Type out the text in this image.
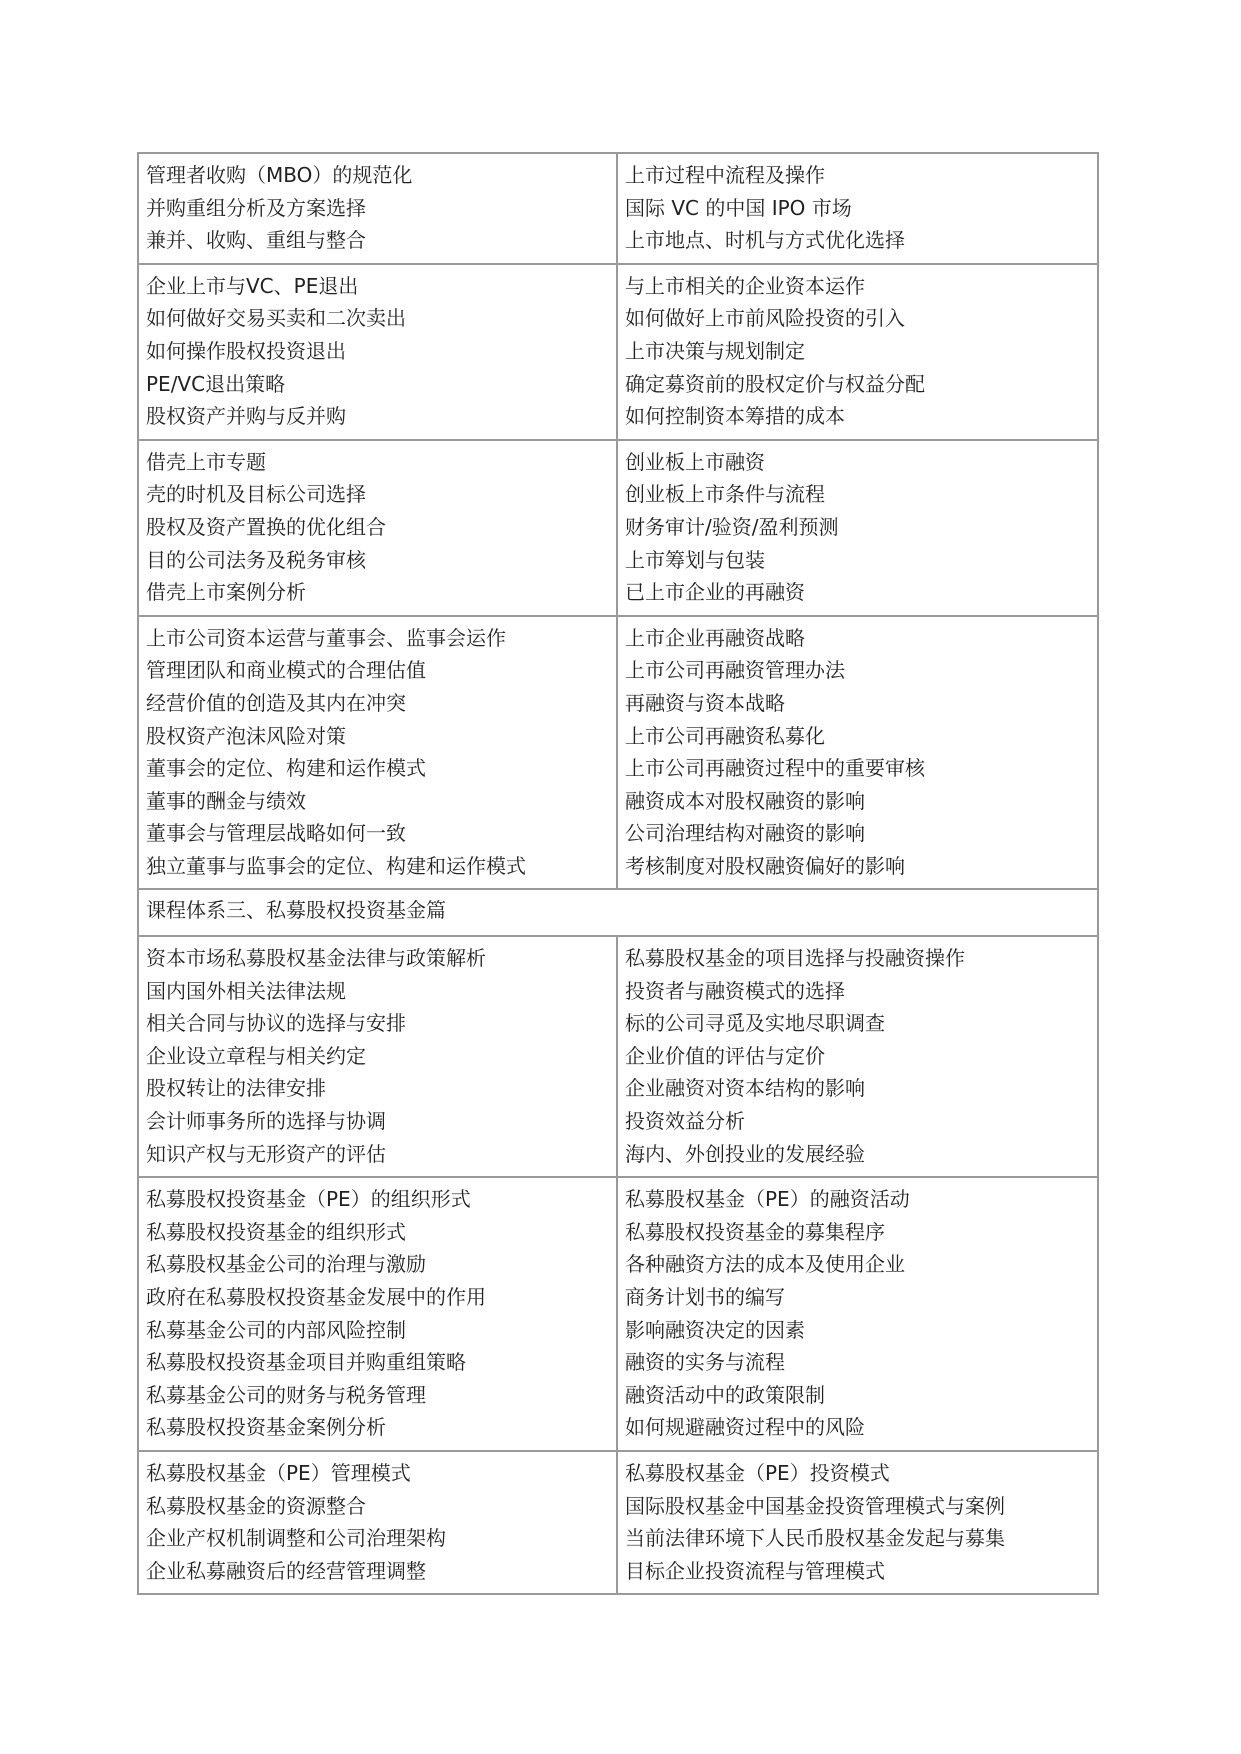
管理者收购（MBO）的规范化
并购重组分析及方案选择
兼并、收购、重组与整合
上市过程中流程及操作
国际 VC 的中国 IPO 市场
上市地点、时机与方式优化选择
企业上市与VC、PE退出
如何做好交易买卖和二次卖出
如何操作股权投资退出
PE/VC退出策略
股权资产并购与反并购
与上市相关的企业资本运作
如何做好上市前风险投资的引入
上市决策与规划制定
确定募资前的股权定价与权益分配
如何控制资本筹措的成本
借壳上市专题
壳的时机及目标公司选择
股权及资产置换的优化组合
目的公司法务及税务审核
借壳上市案例分析
创业板上市融资
创业板上市条件与流程
财务审计/验资/盈利预测
上市筹划与包装
已上市企业的再融资
上市公司资本运营与董事会、监事会运作
管理团队和商业模式的合理估值
经营价值的创造及其内在冲突
股权资产泡沫风险对策
董事会的定位、构建和运作模式
董事的酬金与绩效
董事会与管理层战略如何一致
独立董事与监事会的定位、构建和运作模式
上市企业再融资战略
上市公司再融资管理办法
再融资与资本战略
上市公司再融资私募化
上市公司再融资过程中的重要审核
融资成本对股权融资的影响
公司治理结构对融资的影响
考核制度对股权融资偏好的影响
课程体系三、私募股权投资基金篇
资本市场私募股权基金法律与政策解析
国内国外相关法律法规
相关合同与协议的选择与安排
企业设立章程与相关约定
股权转让的法律安排
会计师事务所的选择与协调
知识产权与无形资产的评估
私募股权基金的项目选择与投融资操作
投资者与融资模式的选择
标的公司寻觅及实地尽职调查
企业价值的评估与定价
企业融资对资本结构的影响
投资效益分析
海内、外创投业的发展经验
私募股权投资基金（PE）的组织形式
私募股权投资基金的组织形式
私募股权基金公司的治理与激励
政府在私募股权投资基金发展中的作用
私募基金公司的内部风险控制
私募股权投资基金项目并购重组策略
私募基金公司的财务与税务管理
私募股权投资基金案例分析
私募股权基金（PE）的融资活动
私募股权投资基金的募集程序
各种融资方法的成本及使用企业
商务计划书的编写
影响融资决定的因素
融资的实务与流程
融资活动中的政策限制
如何规避融资过程中的风险
私募股权基金（PE）管理模式
私募股权基金的资源整合
企业产权机制调整和公司治理架构
企业私募融资后的经营管理调整
私募股权基金（PE）投资模式
国际股权基金中国基金投资管理模式与案例
当前法律环境下人民币股权基金发起与募集
目标企业投资流程与管理模式
